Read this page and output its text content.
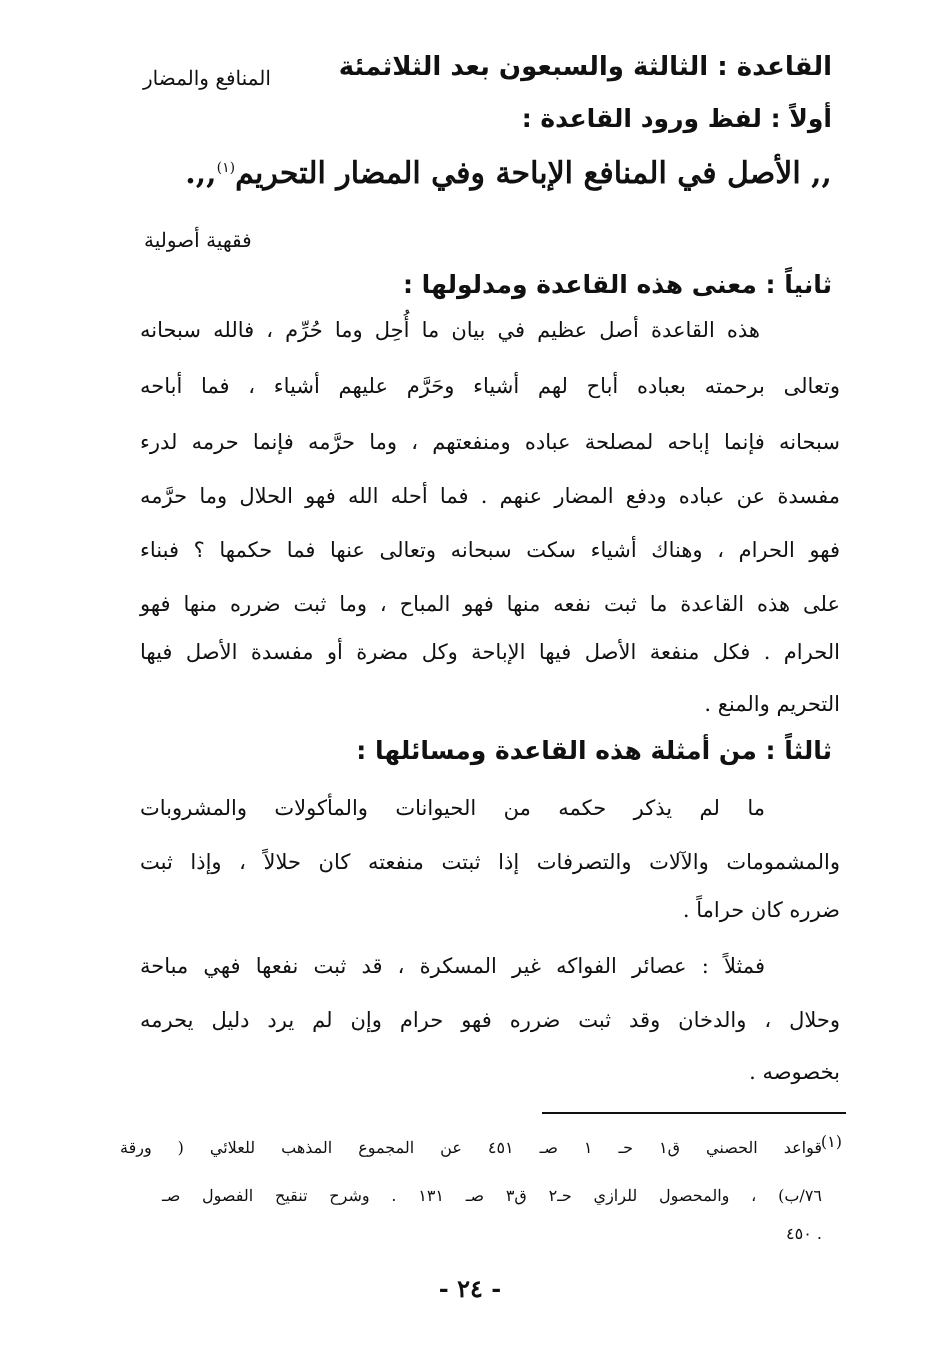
القاعدة : الثالثة والسبعون بعد الثلاثمئة
المنافع والمضار
أولاً : لفظ ورود القاعدة :
,, الأصل في المنافع الإباحة وفي المضار التحريم$^{(١)}$,,.
فقهية أصولية
ثانياً : معنى هذه القاعدة ومدلولها :
هذه القاعدة أصل عظيم في بيان ما أُحِل وما حُرِّم ، فالله سبحانه
وتعالى برحمته بعباده أباح لهم أشياء وحَرَّم عليهم أشياء ، فما أباحه
سبحانه فإنما إباحه لمصلحة عباده ومنفعتهم ، وما حرَّمه فإنما حرمه لدرء
مفسدة عن عباده ودفع المضار عنهم . فما أحله الله فهو الحلال وما حرَّمه
فهو الحرام ، وهناك أشياء سكت سبحانه وتعالى عنها فما حكمها ؟ فبناء
على هذه القاعدة ما ثبت نفعه منها فهو المباح ، وما ثبت ضرره منها فهو
الحرام . فكل منفعة الأصل فيها الإباحة وكل مضرة أو مفسدة الأصل فيها
التحريم والمنع .
ثالثاً : من أمثلة هذه القاعدة ومسائلها :
ما لم يذكر حكمه من الحيوانات والمأكولات والمشروبات
والمشمومات والآلات والتصرفات إذا ثبتت منفعته كان حلالاً ، وإذا ثبت
ضرره كان حراماً .
فمثلاً : عصائر الفواكه غير المسكرة ، قد ثبت نفعها فهي مباحة
وحلال ، والدخان وقد ثبت ضرره فهو حرام وإن لم يرد دليل يحرمه
بخصوصه .
(١)
قواعد الحصني ق١ حـ ١ صـ ٤٥١ عن المجموع المذهب للعلائي ( ورقة
٧٦/ب) ، والمحصول للرازي حـ٢ ق٣ صـ ١٣١ . وشرح تنقيح الفصول صـ
٤٥٠ .
- ٢٤ -
